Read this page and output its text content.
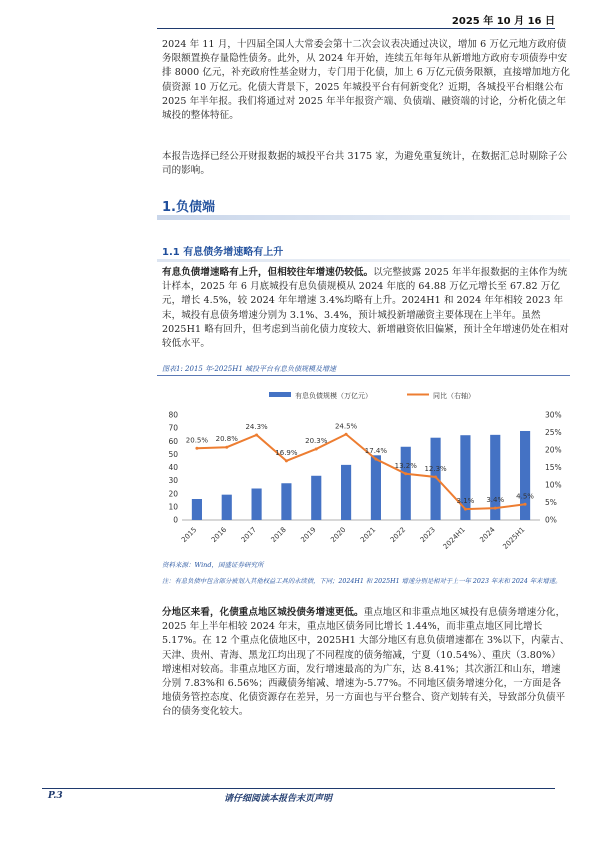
2025 年 10 月 16 日

2024 年 11 月，十四届全国人大常委会第十二次会议表决通过决议，增加 6 万亿元地方政府债务限额置换存量隐性债务。此外，从 2024 年开始，连续五年每年从新增地方政府专项债券中安排 8000 亿元，补充政府性基金财力，专门用于化债，加上 6 万亿元债务限额，直接增加地方化债资源 10 万亿元。化债大背景下，2025 年城投平台有何新变化？近期，各城投平台相继公布 2025 年半年报。我们将通过对 2025 年半年报资产端、负债端、融资端的讨论，分析化债之年城投的整体特征。

本报告选择已经公开财报数据的城投平台共 3175 家，为避免重复统计，在数据汇总时剔除子公司的影响。

1.负债端
1.1 有息债务增速略有上升

有息负债增速略有上升，但相较往年增速仍较低。以完整披露 2025 年半年报数据的主体作为统计样本，2025 年 6 月底城投有息负债规模从 2024 年底的 64.88 万亿元增长至 67.82 万亿元，增长 4.5%，较 2024 年年增速 3.4%均略有上升。2024H1 和 2024 年年相较 2023 年末，城投有息债务增速分别为 3.1%、3.4%，预计城投新增融资主要体现在上半年。虽然 2025H1 略有回升，但考虑到当前化债力度较大、新增融资依旧偏紧，预计全年增速仍处在相对较低水平。

图表1: 2015 年-2025H1 城投平台有息负债规模及增速
有息负债规模（万亿元）	同比（右轴）
0
10
20
30
40
50
60
70
80
0%
5%
10%
15%
20%
25%
30%
2015 2016 2017 2018 2019 2020 2021 2022 2023 2024H1 2024 2025H1
20.5% 20.8%
24.3%
16.9%
20.3%
24.5%
17.4%
13.2% 12.3%
3.1% 3.4% 4.5%
资料来源：Wind，国盛证券研究所
注：有息负债中包含部分被划入其他权益工具的永续债，下同；2024H1 和 2025H1 增速分别是相对于上一年 2023 年末和 2024 年末增速。

分地区来看，化债重点地区城投债务增速更低。重点地区和非重点地区城投有息债务增速分化，2025 年上半年相较 2024 年末，重点地区债务同比增长 1.44%，而非重点地区同比增长 5.17%。在 12 个重点化债地区中，2025H1 大部分地区有息负债增速都在 3%以下，内蒙古、天津、贵州、青海、黑龙江均出现了不同程度的债务缩减，宁夏（10.54%）、重庆（3.80%）增速相对较高。非重点地区方面，发行增速最高的为广东，达 8.41%；其次浙江和山东，增速分别 7.83%和 6.56%；西藏债务缩减、增速为-5.77%。不同地区债务增速分化，一方面是各地债务管控态度、化债资源存在差异，另一方面也与平台整合、资产划转有关，导致部分负债平台的债务变化较大。

P.3	请仔细阅读本报告末页声明
